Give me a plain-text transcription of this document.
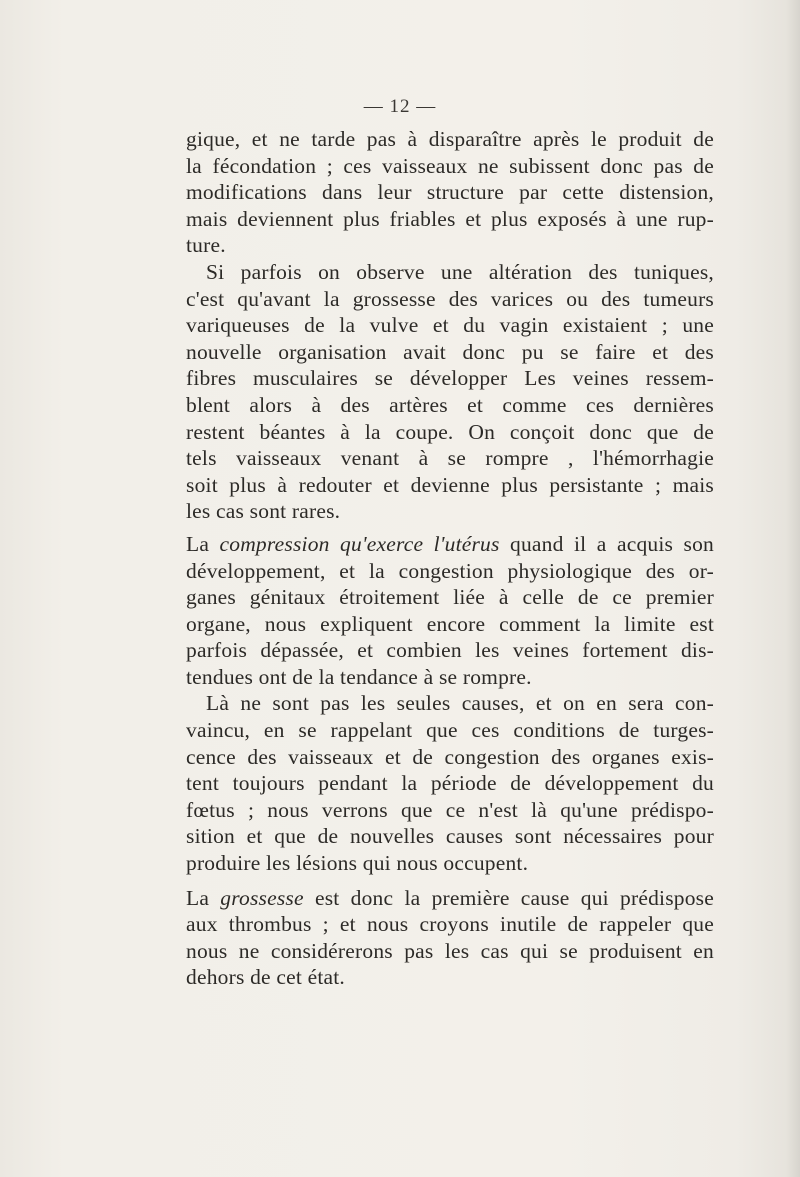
— 12 —
gique, et ne tarde pas à disparaître après le produit de
la fécondation ; ces vaisseaux ne subissent donc pas de
modifications dans leur structure par cette distension,
mais deviennent plus friables et plus exposés à une rup-
ture.
Si parfois on observe une altération des tuniques,
c'est qu'avant la grossesse des varices ou des tumeurs
variqueuses de la vulve et du vagin existaient ; une
nouvelle organisation avait donc pu se faire et des
fibres musculaires se développer Les veines ressem-
blent alors à des artères et comme ces dernières
restent béantes à la coupe. On conçoit donc que de
tels vaisseaux venant à se rompre , l'hémorrhagie
soit plus à redouter et devienne plus persistante ; mais
les cas sont rares.
La compression qu'exerce l'utérus quand il a acquis son
développement, et la congestion physiologique des or-
ganes génitaux étroitement liée à celle de ce premier
organe, nous expliquent encore comment la limite est
parfois dépassée, et combien les veines fortement dis-
tendues ont de la tendance à se rompre.
Là ne sont pas les seules causes, et on en sera con-
vaincu, en se rappelant que ces conditions de turges-
cence des vaisseaux et de congestion des organes exis-
tent toujours pendant la période de développement du
fœtus ; nous verrons que ce n'est là qu'une prédispo-
sition et que de nouvelles causes sont nécessaires pour
produire les lésions qui nous occupent.
La grossesse est donc la première cause qui prédispose
aux thrombus ; et nous croyons inutile de rappeler que
nous ne considérerons pas les cas qui se produisent en
dehors de cet état.
